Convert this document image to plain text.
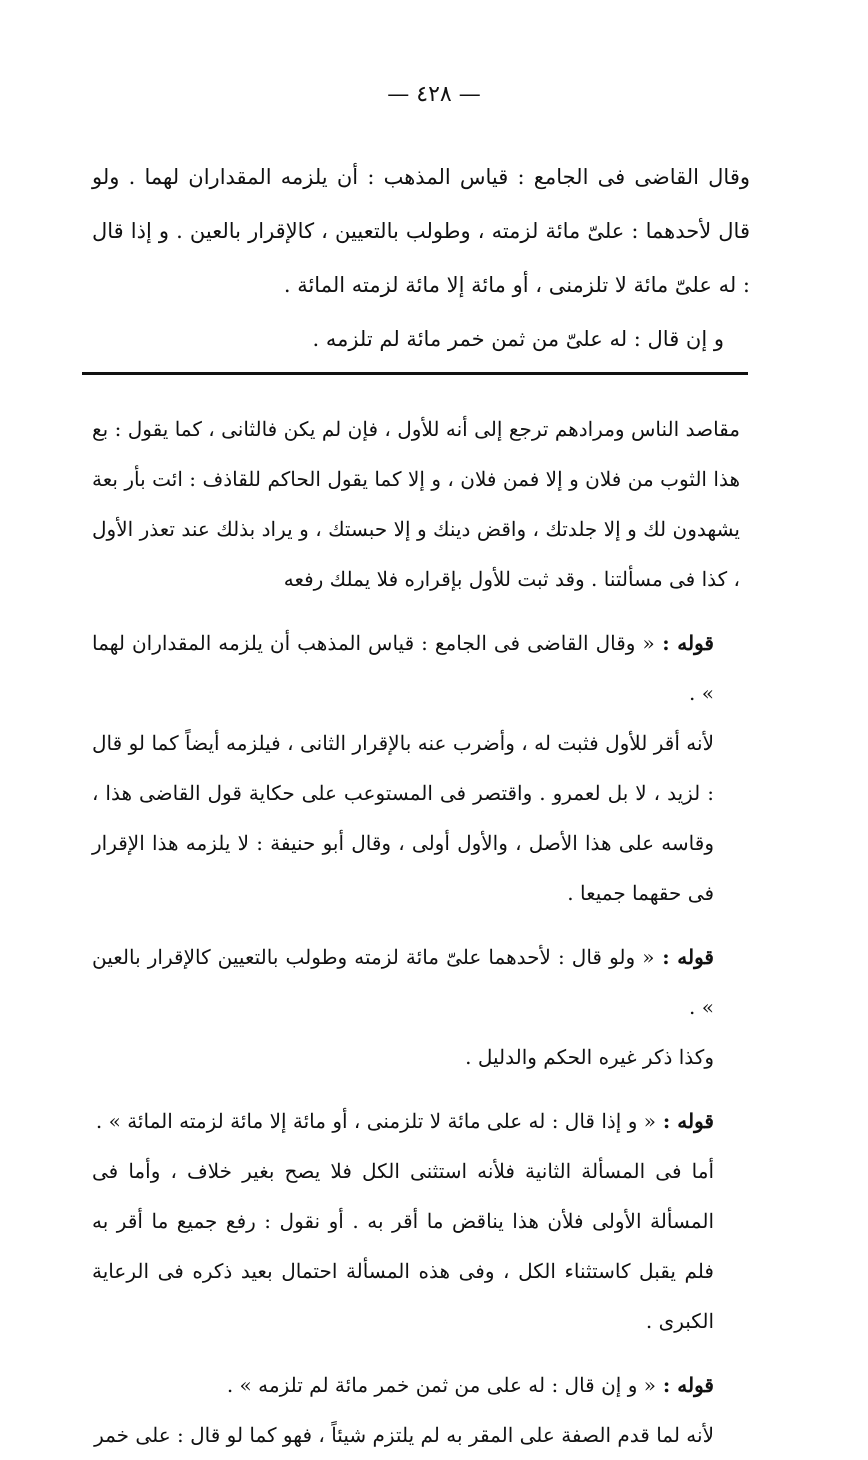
— ٤٢٨ —

وقال القاضى فى الجامع : قياس المذهب : أن يلزمه المقداران لهما . ولو قال لأحدهما : علىّ مائة لزمته ، وطولب بالتعيين ، كالإقرار بالعين . و إذا قال : له علىّ مائة لا تلزمنى ، أو مائة إلا مائة لزمته المائة .

و إن قال : له علىّ من ثمن خمر مائة لم تلزمه .

مقاصد الناس ومرادهم ترجع إلى أنه للأول ، فإن لم يكن فالثانى ، كما يقول : بع هذا الثوب من فلان و إلا فمن فلان ، و إلا كما يقول الحاكم للقاذف : ائت بأر بعة يشهدون لك و إلا جلدتك ، واقض دينك و إلا حبستك ، و يراد بذلك عند تعذر الأول ، كذا فى مسألتنا . وقد ثبت للأول بإقراره فلا يملك رفعه

قوله : « وقال القاضى فى الجامع : قياس المذهب أن يلزمه المقداران لهما » .

لأنه أقر للأول فثبت له ، وأضرب عنه بالإقرار الثانى ، فيلزمه أيضاً كما لو قال : لزيد ، لا بل لعمرو . واقتصر فى المستوعب على حكاية قول القاضى هذا ، وقاسه على هذا الأصل ، والأول أولى ، وقال أبو حنيفة : لا يلزمه هذا الإقرار فى حقهما جميعا .

قوله : « ولو قال : لأحدهما علىّ مائة لزمته وطولب بالتعيين كالإقرار بالعين » .

وكذا ذكر غيره الحكم والدليل .

قوله : « و إذا قال : له على مائة لا تلزمنى ، أو مائة إلا مائة لزمته المائة » .

أما فى المسألة الثانية فلأنه استثنى الكل فلا يصح بغير خلاف ، وأما فى المسألة الأولى فلأن هذا يناقض ما أقر به . أو نقول : رفع جميع ما أقر به فلم يقبل كاستثناء الكل ، وفى هذه المسألة احتمال بعيد ذكره فى الرعاية الكبرى .

قوله : « و إن قال : له على من ثمن خمر مائة لم تلزمه » .

لأنه لما قدم الصفة على المقر به لم يلتزم شيئاً ، فهو كما لو قال : على خمر
